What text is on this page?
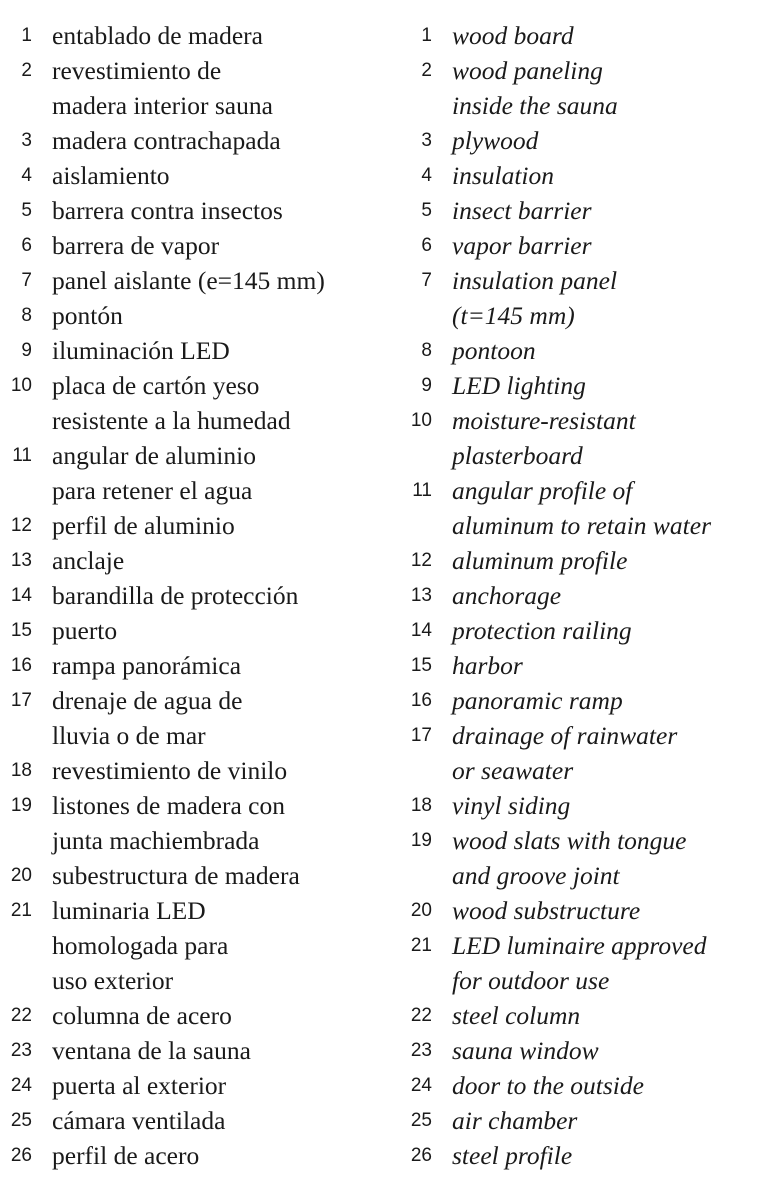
1 entablado de madera
2 revestimiento de
madera interior sauna
3 madera contrachapada
4 aislamiento
5 barrera contra insectos
6 barrera de vapor
7 panel aislante (e=145 mm)
8 pontón
9 iluminación LED
10 placa de cartón yeso
resistente a la humedad
11 angular de aluminio
para retener el agua
12 perfil de aluminio
13 anclaje
14 barandilla de protección
15 puerto
16 rampa panorámica
17 drenaje de agua de
lluvia o de mar
18 revestimiento de vinilo
19 listones de madera con
junta machiembrada
20 subestructura de madera
21 luminaria LED
homologada para
uso exterior
22 columna de acero
23 ventana de la sauna
24 puerta al exterior
25 cámara ventilada
26 perfil de acero
1 wood board
2 wood paneling
inside the sauna
3 plywood
4 insulation
5 insect barrier
6 vapor barrier
7 insulation panel
(t=145 mm)
8 pontoon
9 LED lighting
10 moisture-resistant
plasterboard
11 angular profile of
aluminum to retain water
12 aluminum profile
13 anchorage
14 protection railing
15 harbor
16 panoramic ramp
17 drainage of rainwater
or seawater
18 vinyl siding
19 wood slats with tongue
and groove joint
20 wood substructure
21 LED luminaire approved
for outdoor use
22 steel column
23 sauna window
24 door to the outside
25 air chamber
26 steel profile
